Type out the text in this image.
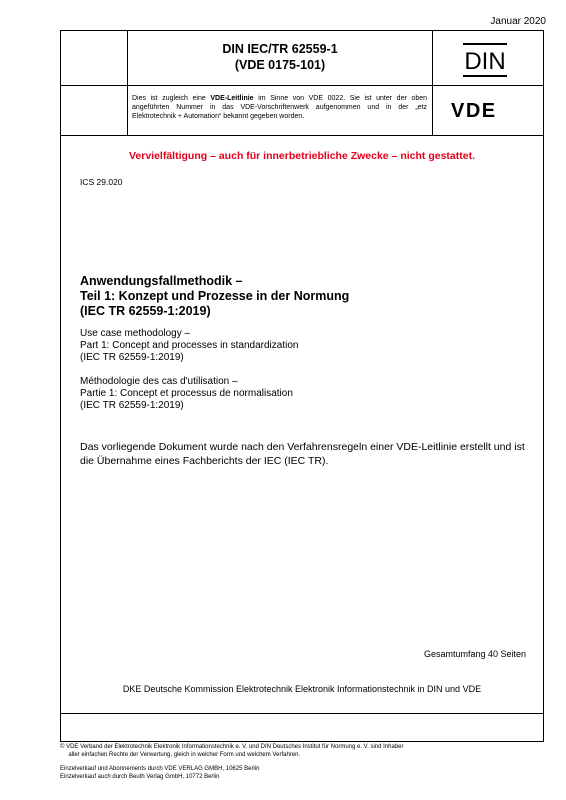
Januar 2020
DIN IEC/TR 62559-1
(VDE 0175-101)	DIN
Dies ist zugleich eine VDE-Leitlinie im Sinne von VDE 0022. Sie ist unter der oben angeführten Nummer in das VDE-Vorschriftenwerk aufgenommen und in der „etz Elektrotechnik + Automation“ bekannt gegeben worden.	VDE
Vervielfältigung – auch für innerbetriebliche Zwecke – nicht gestattet.
ICS 29.020
Anwendungsfallmethodik –
Teil 1: Konzept und Prozesse in der Normung
(IEC TR 62559-1:2019)
Use case methodology –
Part 1: Concept and processes in standardization
(IEC TR 62559-1:2019)
Méthodologie des cas d'utilisation –
Partie 1: Concept et processus de normalisation
(IEC TR 62559-1:2019)
Das vorliegende Dokument wurde nach den Verfahrensregeln einer VDE-Leitlinie erstellt und ist die Übernahme eines Fachberichts der IEC (IEC TR).
Gesamtumfang 40 Seiten
DKE Deutsche Kommission Elektrotechnik Elektronik Informationstechnik in DIN und VDE
© VDE Verband der Elektrotechnik Elektronik Informationstechnik e. V. und DIN Deutsches Institut für Normung e. V. sind Inhaber
aller einfachen Rechte der Verwertung, gleich in welcher Form und welchem Verfahren.
Einzelverkauf und Abonnements durch VDE VERLAG GMBH, 10625 Berlin
Einzelverkauf auch durch Beuth Verlag GmbH, 10772 Berlin
